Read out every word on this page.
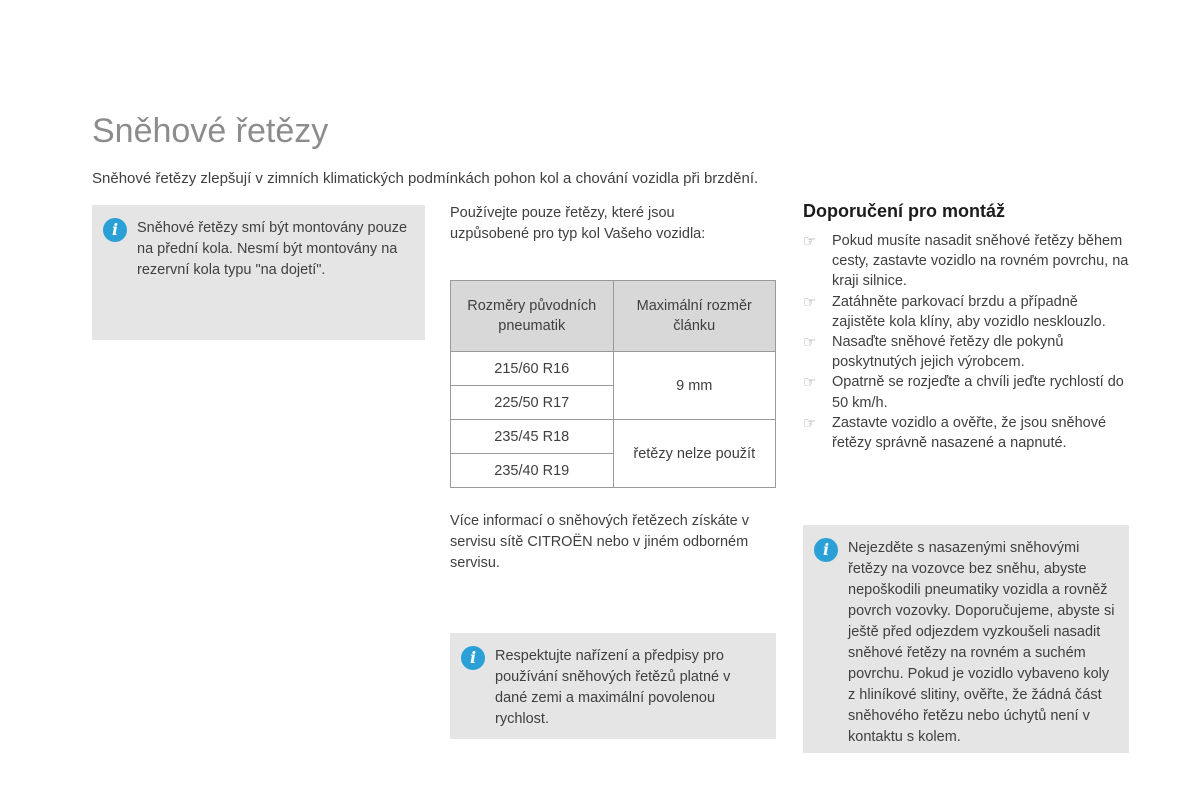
Sněhové řetězy

Sněhové řetězy zlepšují v zimních klimatických podmínkách pohon kol a chování vozidla při brzdění.

i	Sněhové řetězy smí být montovány pouze na přední kola. Nesmí být montovány na rezervní kola typu "na dojetí".

Používejte pouze řetězy, které jsou uzpůsobené pro typ kol Vašeho vozidla:

Rozměry původních pneumatik	Maximální rozměr článku
215/60 R16	9 mm
225/50 R17	
235/45 R18	řetězy nelze použít
235/40 R19	

Více informací o sněhových řetězech získáte v servisu sítě CITROËN nebo v jiném odborném servisu.

i	Respektujte nařízení a předpisy pro používání sněhových řetězů platné v dané zemi a maximální povolenou rychlost.
Doporučení pro montáž
☞	Pokud musíte nasadit sněhové řetězy během cesty, zastavte vozidlo na rovném povrchu, na kraji silnice.
☞	Zatáhněte parkovací brzdu a případně zajistěte kola klíny, aby vozidlo nesklouzlo.
☞	Nasaďte sněhové řetězy dle pokynů poskytnutých jejich výrobcem.
☞	Opatrně se rozjeďte a chvíli jeďte rychlostí do 50 km/h.
☞	Zastavte vozidlo a ověřte, že jsou sněhové řetězy správně nasazené a napnuté.
i	Nejezděte s nasazenými sněhovými řetězy na vozovce bez sněhu, abyste nepoškodili pneumatiky vozidla a rovněž povrch vozovky. Doporučujeme, abyste si ještě před odjezdem vyzkoušeli nasadit sněhové řetězy na rovném a suchém povrchu. Pokud je vozidlo vybaveno koly z hliníkové slitiny, ověřte, že žádná část sněhového řetězu nebo úchytů není v kontaktu s kolem.
